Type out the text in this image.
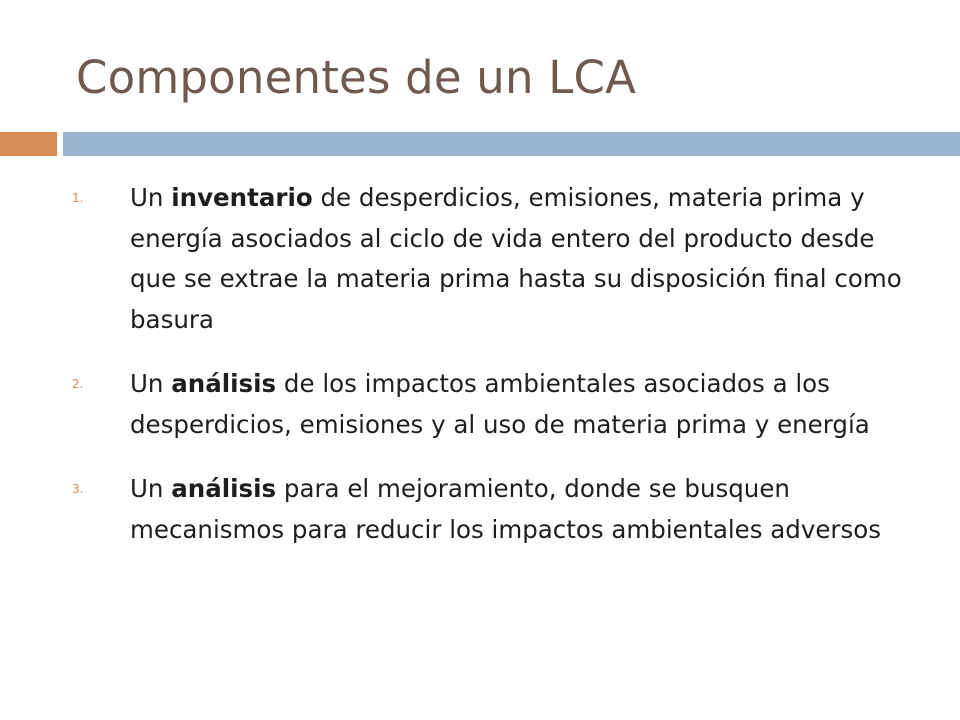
Componentes de un LCA
1.	Un inventario de desperdicios, emisiones, materia prima y energía asociados al ciclo de vida entero del producto desde que se extrae la materia prima hasta su disposición final como basura
2.	Un análisis de los impactos ambientales asociados a los desperdicios, emisiones y al uso de materia prima y energía
3.	Un análisis para el mejoramiento, donde se busquen mecanismos para reducir los impactos ambientales adversos
